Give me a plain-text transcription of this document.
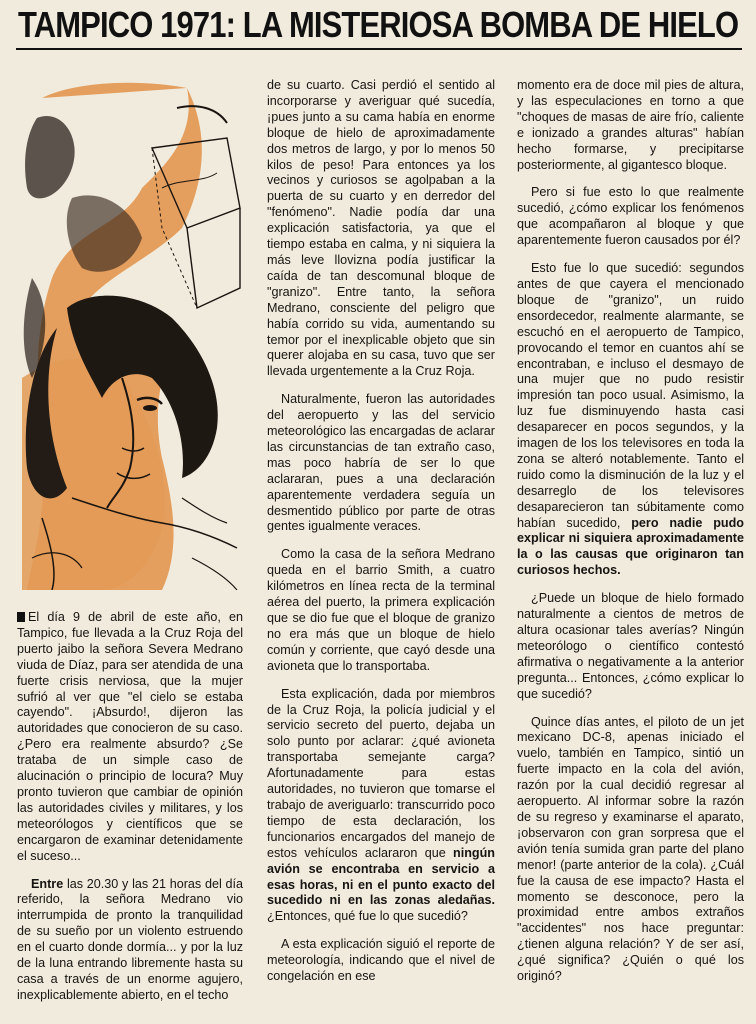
TAMPICO 1971: LA MISTERIOSA BOMBA DE HIELO

El día 9 de abril de este año, en Tampico, fue llevada a la Cruz Roja del puerto jaibo la señora Severa Medrano viuda de Díaz, para ser atendida de una fuerte crisis nerviosa, que la mujer sufrió al ver que "el cielo se estaba cayendo". ¡Absurdo!, dijeron las autoridades que conocieron de su caso. ¿Pero era realmente absurdo? ¿Se trataba de un simple caso de alucinación o principio de locura? Muy pronto tuvieron que cambiar de opinión las autoridades civiles y militares, y los meteorólogos y científicos que se encargaron de examinar detenidamente el suceso...

Entre las 20.30 y las 21 horas del día referido, la señora Medrano vio interrumpida de pronto la tranquilidad de su sueño por un violento estruendo en el cuarto donde dormía... y por la luz de la luna entrando libremente hasta su casa a través de un enorme agujero, inexplicablemente abierto, en el techo

de su cuarto. Casi perdió el sentido al incorporarse y averiguar qué sucedía, ¡pues junto a su cama había en enorme bloque de hielo de aproximadamente dos metros de largo, y por lo menos 50 kilos de peso! Para entonces ya los vecinos y curiosos se agolpaban a la puerta de su cuarto y en derredor del "fenómeno". Nadie podía dar una explicación satisfactoria, ya que el tiempo estaba en calma, y ni siquiera la más leve llovizna podía justificar la caída de tan descomunal bloque de "granizo". Entre tanto, la señora Medrano, consciente del peligro que había corrido su vida, aumentando su temor por el inexplicable objeto que sin querer alojaba en su casa, tuvo que ser llevada urgentemente a la Cruz Roja.

Naturalmente, fueron las autoridades del aeropuerto y las del servicio meteorológico las encargadas de aclarar las circunstancias de tan extraño caso, mas poco habría de ser lo que aclararan, pues a una declaración aparentemente verdadera seguía un desmentido público por parte de otras gentes igualmente veraces.

Como la casa de la señora Medrano queda en el barrio Smith, a cuatro kilómetros en línea recta de la terminal aérea del puerto, la primera explicación que se dio fue que el bloque de granizo no era más que un bloque de hielo común y corriente, que cayó desde una avioneta que lo transportaba.

Esta explicación, dada por miembros de la Cruz Roja, la policía judicial y el servicio secreto del puerto, dejaba un solo punto por aclarar: ¿qué avioneta transportaba semejante carga? Afortunadamente para estas autoridades, no tuvieron que tomarse el trabajo de averiguarlo: transcurrido poco tiempo de esta declaración, los funcionarios encargados del manejo de estos vehículos aclararon que ningún avión se encontraba en servicio a esas horas, ni en el punto exacto del sucedido ni en las zonas aledañas. ¿Entonces, qué fue lo que sucedió?

A esta explicación siguió el reporte de meteorología, indicando que el nivel de congelación en ese

momento era de doce mil pies de altura, y las especulaciones en torno a que "choques de masas de aire frío, caliente e ionizado a grandes alturas" habían hecho formarse, y precipitarse posteriormente, al gigantesco bloque.

Pero si fue esto lo que realmente sucedió, ¿cómo explicar los fenómenos que acompañaron al bloque y que aparentemente fueron causados por él?

Esto fue lo que sucedió: segundos antes de que cayera el mencionado bloque de "granizo", un ruido ensordecedor, realmente alarmante, se escuchó en el aeropuerto de Tampico, provocando el temor en cuantos ahí se encontraban, e incluso el desmayo de una mujer que no pudo resistir impresión tan poco usual. Asimismo, la luz fue disminuyendo hasta casi desaparecer en pocos segundos, y la imagen de los los televisores en toda la zona se alteró notablemente. Tanto el ruido como la disminución de la luz y el desarreglo de los televisores desaparecieron tan súbitamente como habían sucedido, pero nadie pudo explicar ni siquiera aproximadamente la o las causas que originaron tan curiosos hechos.

¿Puede un bloque de hielo formado naturalmente a cientos de metros de altura ocasionar tales averías? Ningún meteorólogo o científico contestó afirmativa o negativamente a la anterior pregunta... Entonces, ¿cómo explicar lo que sucedió?

Quince días antes, el piloto de un jet mexicano DC-8, apenas iniciado el vuelo, también en Tampico, sintió un fuerte impacto en la cola del avión, razón por la cual decidió regresar al aeropuerto. Al informar sobre la razón de su regreso y examinarse el aparato, ¡observaron con gran sorpresa que el avión tenía sumida gran parte del plano menor! (parte anterior de la cola). ¿Cuál fue la causa de ese impacto? Hasta el momento se desconoce, pero la proximidad entre ambos extraños "accidentes" nos hace preguntar: ¿tienen alguna relación? Y de ser así, ¿qué significa? ¿Quién o qué los originó?
